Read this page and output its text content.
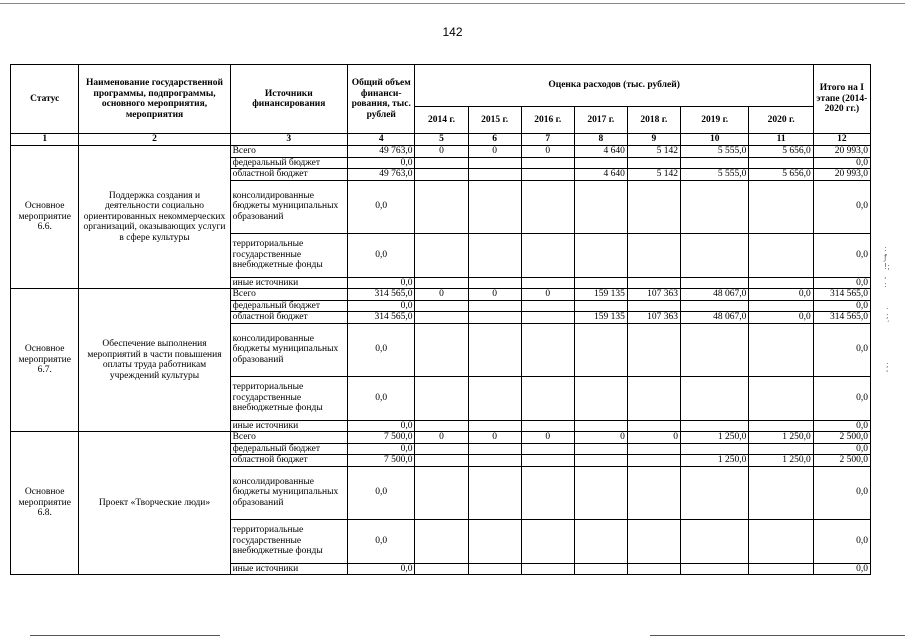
142
Статус	Наименование государственной программы, подпрограммы, основного мероприятия, мероприятия	Источники финансирования	Общий объем финанси-рования, тыс. рублей	Оценка расходов (тыс. рублей)							Итого на I этапе (2014-2020 гг.)
				2014 г.	2015 г.	2016 г.	2017 г.	2018 г.	2019 г.	2020 г.	
1	2	3	4	5	6	7	8	9	10	11	12
Основное мероприятие 6.6.	Поддержка создания и деятельности социально ориентированных некоммерческих организаций, оказывающих услуги в сфере культуры	Всего	49 763,0	0	0	0	4 640	5 142	5 555,0	5 656,0	20 993,0
		федеральный бюджет	0,0								0,0
		областной бюджет	49 763,0				4 640	5 142	5 555,0	5 656,0	20 993,0
		консолидированные бюджеты муниципальных образований	0,0								0,0
		территориальные государственные внебюджетные фонды	0,0								0,0
		иные источники	0,0								0,0
Основное мероприятие 6.7.	Обеспечение выполнения мероприятий в части повышения оплаты труда работникам учреждений культуры	Всего	314 565,0	0	0	0	159 135	107 363	48 067,0	0,0	314 565,0
		федеральный бюджет	0,0								0,0
		областной бюджет	314 565,0				159 135	107 363	48 067,0	0,0	314 565,0
		консолидированные бюджеты муниципальных образований	0,0								0,0
		территориальные государственные внебюджетные фонды	0,0								0,0
		иные источники	0,0								0,0
Основное мероприятие 6.8.	Проект «Творческие люди»	Всего	7 500,0	0	0	0	0	0	1 250,0	1 250,0	2 500,0
		федеральный бюджет	0,0								0,0
		областной бюджет	7 500,0						1 250,0	1 250,0	2 500,0
		консолидированные бюджеты муниципальных образований	0,0								0,0
		территориальные государственные внебюджетные фонды	0,0								0,0
		иные источники	0,0								0,0
:
ƒ
!;
,
:
.
;
ˊ
;
'
